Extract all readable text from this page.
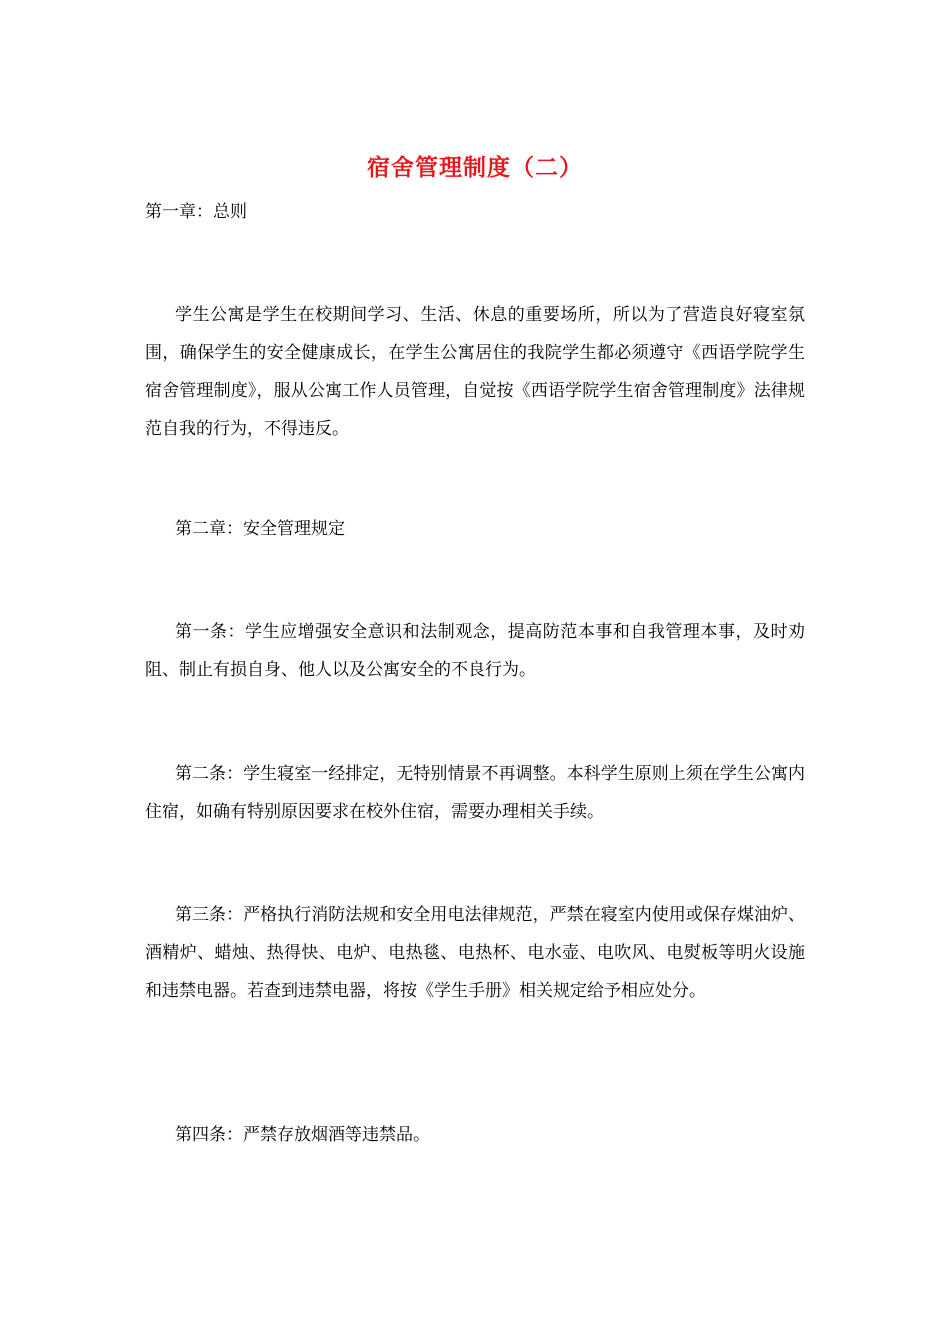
宿舍管理制度（二）
第一章：总则

学生公寓是学生在校期间学习、生活、休息的重要场所，所以为了营造良好寝室氛围，确保学生的安全健康成长，在学生公寓居住的我院学生都必须遵守《西语学院学生宿舍管理制度》，服从公寓工作人员管理，自觉按《西语学院学生宿舍管理制度》法律规范自我的行为，不得违反。

第二章：安全管理规定

第一条：学生应增强安全意识和法制观念，提高防范本事和自我管理本事，及时劝阻、制止有损自身、他人以及公寓安全的不良行为。

第二条：学生寝室一经排定，无特别情景不再调整。本科学生原则上须在学生公寓内住宿，如确有特别原因要求在校外住宿，需要办理相关手续。

第三条：严格执行消防法规和安全用电法律规范，严禁在寝室内使用或保存煤油炉、酒精炉、蜡烛、热得快、电炉、电热毯、电热杯、电水壶、电吹风、电熨板等明火设施和违禁电器。若查到违禁电器，将按《学生手册》相关规定给予相应处分。

第四条：严禁存放烟酒等违禁品。
